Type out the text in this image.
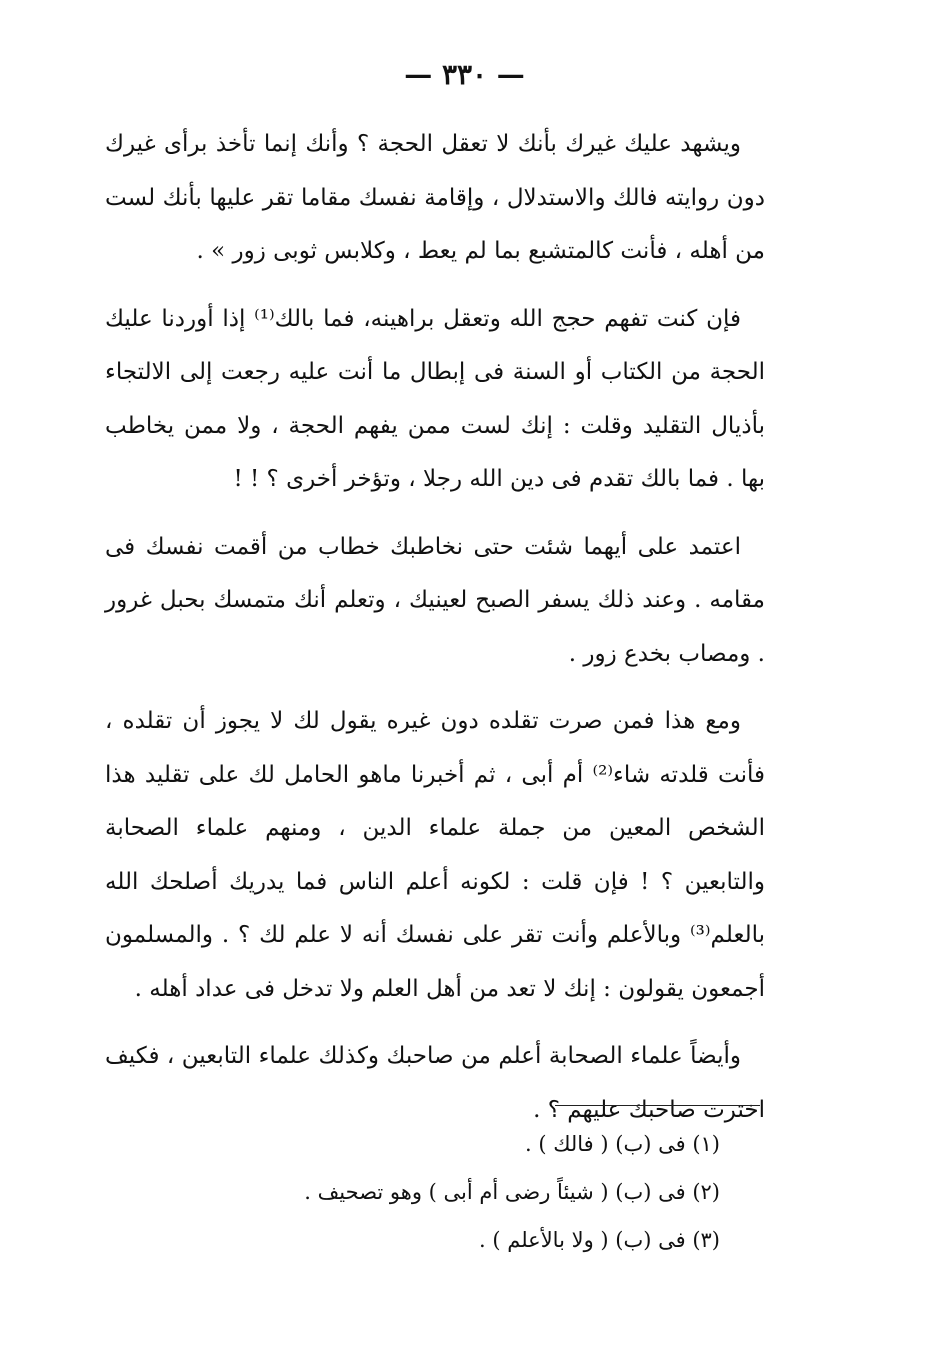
— ٣٣٠ —

ويشهد عليك غيرك بأنك لا تعقل الحجة ؟ وأنك إنما تأخذ برأى غيرك دون روايته فالك والاستدلال ، وإقامة نفسك مقاما تقر عليها بأنك لست من أهله ، فأنت كالمتشبع بما لم يعط ، وكلابس ثوبى زور » .

فإن كنت تفهم حجج الله وتعقل براهينه، فما بالك⁽¹⁾ إذا أوردنا عليك الحجة من الكتاب أو السنة فى إبطال ما أنت عليه رجعت إلى الالتجاء بأذيال التقليد وقلت : إنك لست ممن يفهم الحجة ، ولا ممن يخاطب بها . فما بالك تقدم فى دين الله رجلا ، وتؤخر أخرى ؟ ! !

اعتمد على أيهما شئت حتى نخاطبك خطاب من أقمت نفسك فى مقامه . وعند ذلك يسفر الصبح لعينيك ، وتعلم أنك متمسك بحبل غرور . ومصاب بخدع زور .

ومع هذا فمن صرت تقلده دون غيره يقول لك لا يجوز أن تقلده ، فأنت قلدته شاء⁽²⁾ أم أبى ، ثم أخبرنا ماهو الحامل لك على تقليد هذا الشخص المعين من جملة علماء الدين ، ومنهم علماء الصحابة والتابعين ؟ ! فإن قلت : لكونه أعلم الناس فما يدريك أصلحك الله بالعلم⁽³⁾ وبالأعلم وأنت تقر على نفسك أنه لا علم لك ؟ . والمسلمون أجمعون يقولون : إنك لا تعد من أهل العلم ولا تدخل فى عداد أهله .

وأيضاً علماء الصحابة أعلم من صاحبك وكذلك علماء التابعين ، فكيف اخترت صاحبك عليهم ؟ .

(١) فى (ب) ( فالك ) .

(٢) فى (ب) ( شيئاً رضى أم أبى ) وهو تصحيف .

(٣) فى (ب) ( ولا بالأعلم ) .
